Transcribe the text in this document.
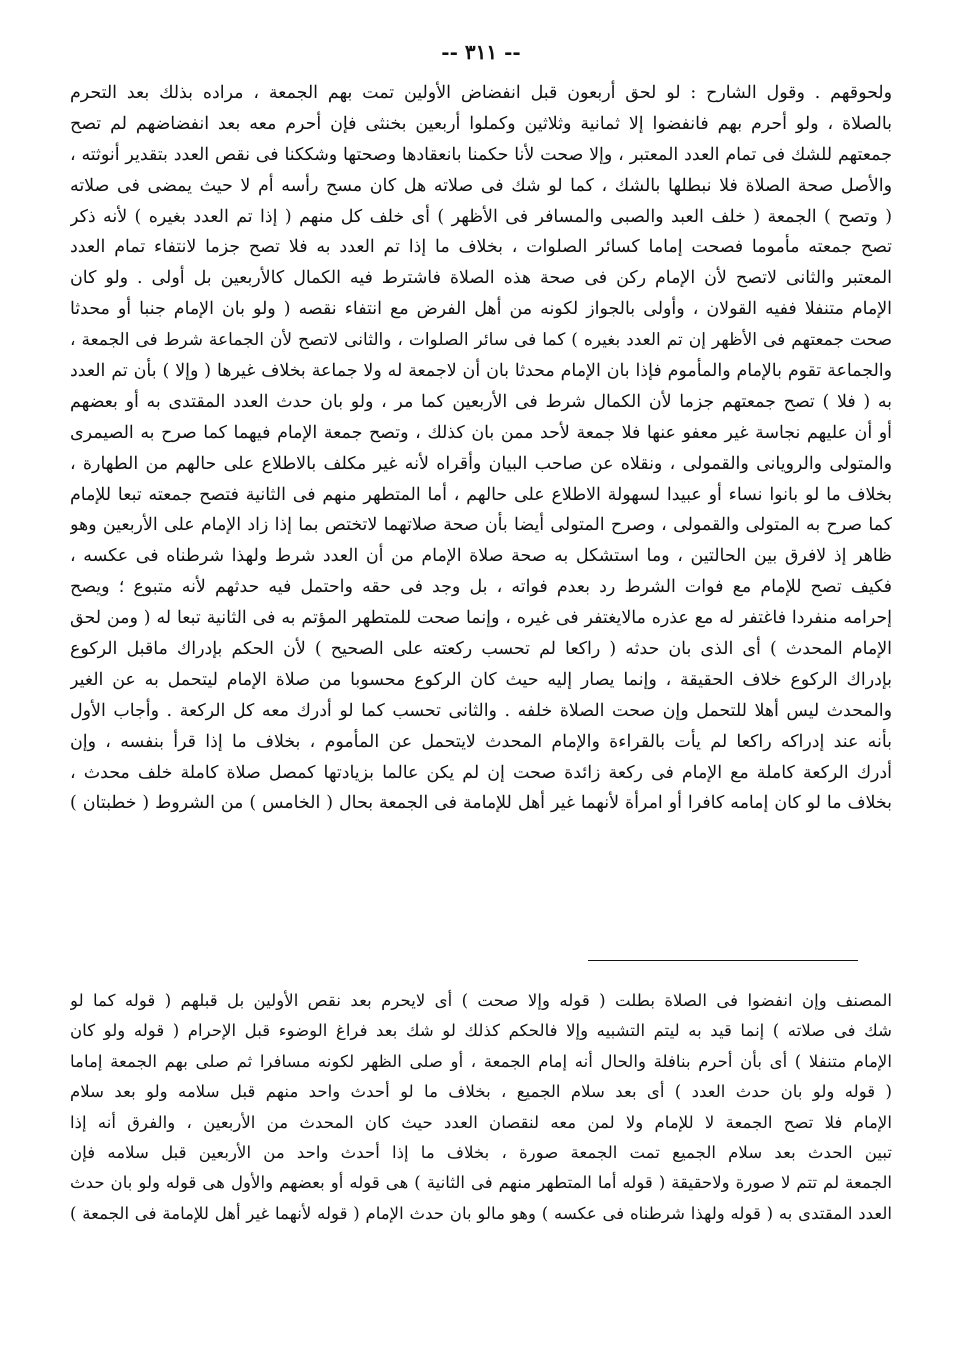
-- ٣١١ --
ولحوقهم . وقول الشارح : لو لحق أربعون قبل انفضاض الأولين تمت بهم الجمعة ، مراده بذلك بعد التحرم
بالصلاة ، ولو أحرم بهم فانفضوا إلا ثمانية وثلاثين وكملوا أربعين بخنثى فإن أحرم معه بعد انفضاضهم لم تصح
جمعتهم للشك فى تمام العدد المعتبر ، وإلا صحت لأنا حكمنا بانعقادها وصحتها وشككنا فى نقص العدد بتقدير أنوثته ،
والأصل صحة الصلاة فلا نبطلها بالشك ، كما لو شك فى صلاته هل كان مسح رأسه أم لا حيث يمضى فى صلاته
( وتصح ) الجمعة ( خلف العبد والصبى والمسافر فى الأظهر ) أى خلف كل منهم ( إذا تم العدد بغيره ) لأنه ذكر
تصح جمعته مأموما فصحت إماما كسائر الصلوات ، بخلاف ما إذا تم العدد به فلا تصح جزما لانتفاء تمام العدد
المعتبر والثانى لاتصح لأن الإمام ركن فى صحة هذه الصلاة فاشترط فيه الكمال كالأربعين بل أولى . ولو كان
الإمام متنفلا ففيه القولان ، وأولى بالجواز لكونه من أهل الفرض مع انتفاء نقصه ( ولو بان الإمام جنبا أو محدثا
صحت جمعتهم فى الأظهر إن تم العدد بغيره ) كما فى سائر الصلوات ، والثانى لاتصح لأن الجماعة شرط فى الجمعة ،
والجماعة تقوم بالإمام والمأموم فإذا بان الإمام محدثا بان أن لاجمعة له ولا جماعة بخلاف غيرها ( وإلا ) بأن تم العدد
به ( فلا ) تصح جمعتهم جزما لأن الكمال شرط فى الأربعين كما مر ، ولو بان حدث العدد المقتدى به أو بعضهم
أو أن عليهم نجاسة غير معفو عنها فلا جمعة لأحد ممن بان كذلك ، وتصح جمعة الإمام فيهما كما صرح به الصيمرى
والمتولى والرويانى والقمولى ، ونقلاه عن صاحب البيان وأقراه لأنه غير مكلف بالاطلاع على حالهم من الطهارة ،
بخلاف ما لو بانوا نساء أو عبيدا لسهولة الاطلاع على حالهم ، أما المتطهر منهم فى الثانية فتصح جمعته تبعا للإمام
كما صرح به المتولى والقمولى ، وصرح المتولى أيضا بأن صحة صلاتهما لاتختص بما إذا زاد الإمام على الأربعين وهو
ظاهر إذ لافرق بين الحالتين ، وما استشكل به صحة صلاة الإمام من أن العدد شرط ولهذا شرطناه فى عكسه ،
فكيف تصح للإمام مع فوات الشرط رد بعدم فواته ، بل وجد فى حقه واحتمل فيه حدثهم لأنه متبوع ؛ ويصح
إحرامه منفردا فاغتفر له مع عذره مالايغتفر فى غيره ، وإنما صحت للمتطهر المؤتم به فى الثانية تبعا له ( ومن لحق
الإمام المحدث ) أى الذى بان حدثه ( راكعا لم تحسب ركعته على الصحيح ) لأن الحكم بإدراك ماقبل الركوع
بإدراك الركوع خلاف الحقيقة ، وإنما يصار إليه حيث كان الركوع محسوبا من صلاة الإمام ليتحمل به عن الغير
والمحدث ليس أهلا للتحمل وإن صحت الصلاة خلفه . والثانى تحسب كما لو أدرك معه كل الركعة . وأجاب الأول
بأنه عند إدراكه راكعا لم يأت بالقراءة والإمام المحدث لايتحمل عن المأموم ، بخلاف ما إذا قرأ بنفسه ، وإن
أدرك الركعة كاملة مع الإمام فى ركعة زائدة صحت إن لم يكن عالما بزيادتها كمصل صلاة كاملة خلف محدث ،
بخلاف ما لو كان إمامه كافرا أو امرأة لأنهما غير أهل للإمامة فى الجمعة بحال ( الخامس ) من الشروط ( خطبتان )
المصنف وإن انفضوا فى الصلاة بطلت ( قوله وإلا صحت ) أى لايحرم بعد نقص الأولين بل قبلهم ( قوله كما لو
شك فى صلاته ) إنما قيد به ليتم التشبيه وإلا فالحكم كذلك لو شك بعد فراغ الوضوء قبل الإحرام ( قوله ولو كان
الإمام متنفلا ) أى بأن أحرم بنافلة والحال أنه إمام الجمعة ، أو صلى الظهر لكونه مسافرا ثم صلى بهم الجمعة إماما
( قوله ولو بان حدث العدد ) أى بعد سلام الجميع ، بخلاف ما لو أحدث واحد منهم قبل سلامه ولو بعد سلام
الإمام فلا تصح الجمعة لا للإمام ولا لمن معه لنقصان العدد حيث كان المحدث من الأربعين ، والفرق أنه إذا
تبين الحدث بعد سلام الجميع تمت الجمعة صورة ، بخلاف ما إذا أحدث واحد من الأربعين قبل سلامه فإن
الجمعة لم تتم لا صورة ولاحقيقة ( قوله أما المتطهر منهم فى الثانية ) هى قوله أو بعضهم والأول هى قوله ولو بان حدث
العدد المقتدى به ( قوله ولهذا شرطناه فى عكسه ) وهو مالو بان حدث الإمام ( قوله لأنهما غير أهل للإمامة فى الجمعة )
